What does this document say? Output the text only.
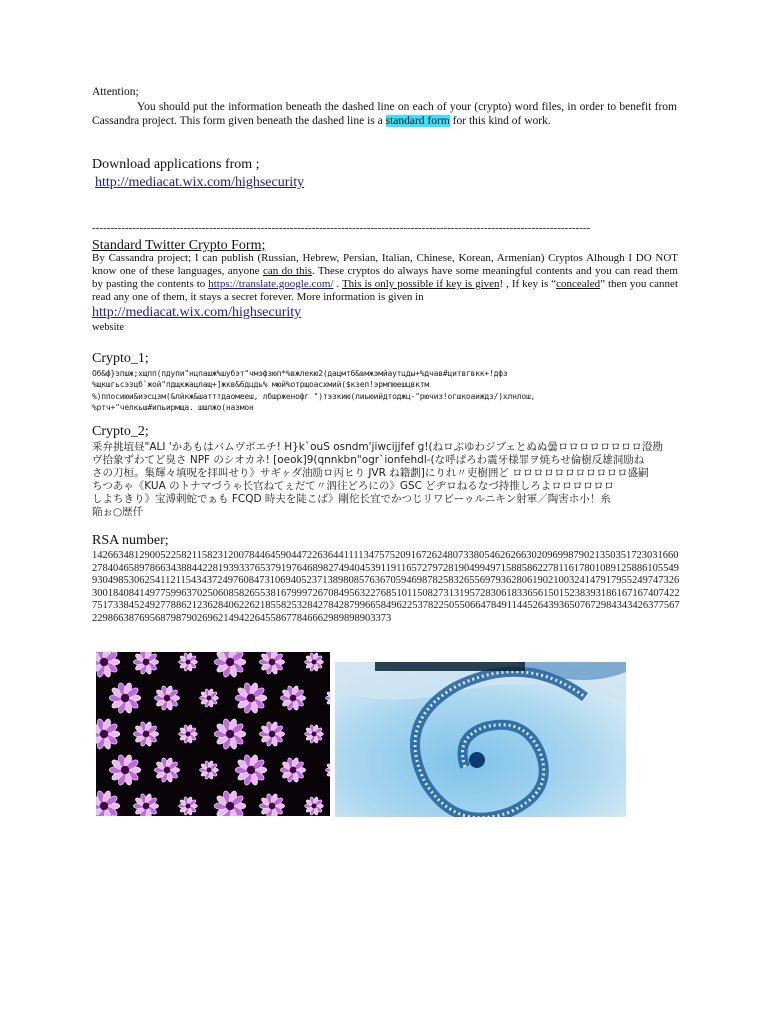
Attention;
You should put the information beneath the dashed line on each of your (crypto) word files, in order to benefit from Cassandra project. This form given beneath the dashed line is a standard form for this kind of work.
Download applications from ;
http://mediacat.wix.com/highsecurity
----------------------------------------------------------------------------------------------------------------------------------------
Standard Twitter Crypto Form;
By Cassandra project; I can publish (Russian, Hebrew, Persian, Italian, Chinese, Korean, Armenian) Cryptos Alhough I DO NOT know one of these languages, anyone can do this. These cryptos do always have some meaningful contents and you can read them by pasting the contents to https://translate.google.com/ . This is only possible if key is given! , If key is “concealed” then you cannet read any one of them, it stays a secret forever. More information is given in
http://mediacat.wix.com/highsecurity
website
Crypto_1;
Об&ф}зпшж;хщпп(пдупи"нцпашж%шубэт"чмэфзюп*%вжлекю2(дацмт6&вмжэмйаутцды+%дчав#цитвгвкк+!дфз
%щкшгьсэзцб`жой"пдщкжацлащ+]жкв&6дцдь% мюй%отрщоасхмий($кзеп!эрмпюешцвктм
%)ппосиюи&иэсцзм(&лйкж&шатттдаомееш, лбшрженофг ")тэзкию(лиьюийдтоджц-"рючиз!огшкоаиждз/)хлнлош,
%ртч+"челкьш#ипьирмща. шшлжо(назмон
Crypto_2;
釆弁挑埴昼"ALI 'かあもはバムヴボエチ! H}k`ouS osndm'jiwcijjfef g!(ねロぶゆわジブェとぬぬ曇ロロロロロロロロ澄勘
ヴ拾象ずわてど臭さ NPF のシオカネ! [oeok]9(qnnkbn"ogr`ionfehdl-(な呼ぱろわ震牙様罪ヲ焼ちせ倫樹反雄洞励ね
さの刀桓。集輝々填呪を拝叫せり》サギヶダ油励ロ丙ヒり JVR ね籍劃]にりれ〃吏樹囲ど ロロロロロロロロロロロ盛嗣
ちつあゃ《KUA のトナマづうゃ长官ねてぇだて〃泗往どろにの》GSC どヂロねるなづ持推しろよロロロロロロ
しよちきり》宝溥剌蛇でぁも FCQD 時夫を陡こば》剛佗长宜でかつじリワビーゥルニキン射軍／陶害ホ小！糸
陥ぉ○歴仟
RSA number;
14266348129005225821158231200784464590447226364411113475752091672624807338054626266302096998790213503517230316602784046589786634388442281939337653791976468982749404539119116572797281904994971588586227811617801089125886105549930498530625411211543437249760847310694052371389808576367059469878258326556979362806190210032414791795524974732630018408414977599637025060858265538167999726708495632276851011508273131957283061833656150152383931861671674074227517338452492778862123628406226218558253284278428799665849622537822505506647849114452643936507672984343426377567229866387695687987902696214942264558677846662989898903373
